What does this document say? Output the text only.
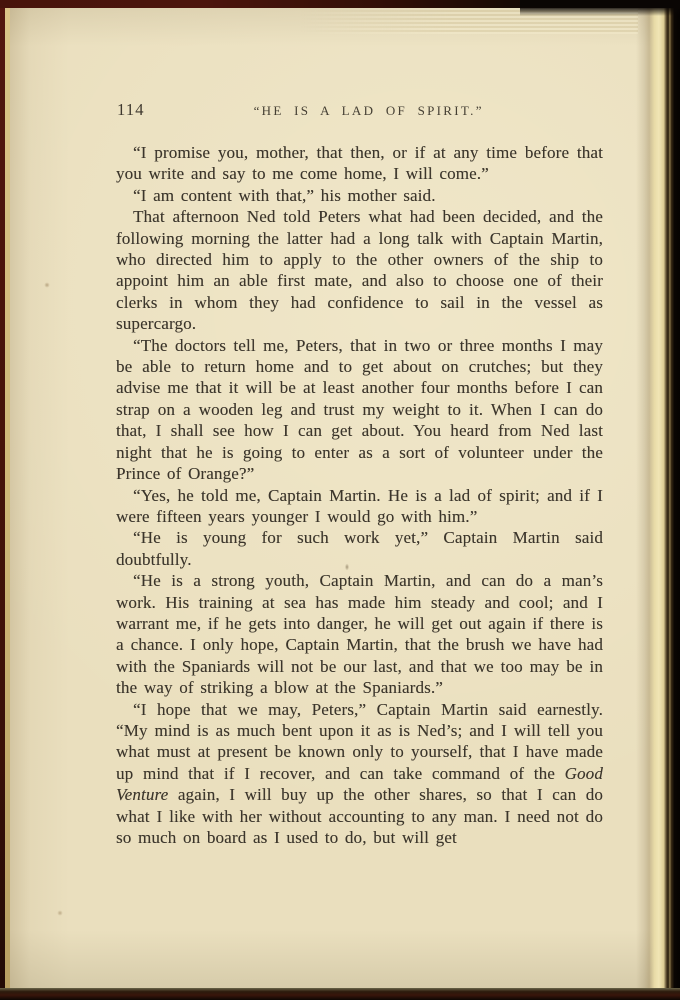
114	“HE IS A LAD OF SPIRIT.”

“I promise you, mother, that then, or if at any time before that you write and say to me come home, I will come.”

“I am content with that,” his mother said.

That afternoon Ned told Peters what had been decided, and the following morning the latter had a long talk with Captain Martin, who directed him to apply to the other owners of the ship to appoint him an able first mate, and also to choose one of their clerks in whom they had confidence to sail in the vessel as supercargo.

“The doctors tell me, Peters, that in two or three months I may be able to return home and to get about on crutches; but they advise me that it will be at least another four months before I can strap on a wooden leg and trust my weight to it. When I can do that, I shall see how I can get about. You heard from Ned last night that he is going to enter as a sort of volunteer under the Prince of Orange?”

“Yes, he told me, Captain Martin. He is a lad of spirit; and if I were fifteen years younger I would go with him.”

“He is young for such work yet,” Captain Martin said doubtfully.

“He is a strong youth, Captain Martin, and can do a man’s work. His training at sea has made him steady and cool; and I warrant me, if he gets into danger, he will get out again if there is a chance. I only hope, Captain Martin, that the brush we have had with the Spaniards will not be our last, and that we too may be in the way of striking a blow at the Spaniards.”

“I hope that we may, Peters,” Captain Martin said earnestly. “My mind is as much bent upon it as is Ned’s; and I will tell you what must at present be known only to yourself, that I have made up mind that if I recover, and can take command of the Good Venture again, I will buy up the other shares, so that I can do what I like with her without accounting to any man. I need not do so much on board as I used to do, but will get
